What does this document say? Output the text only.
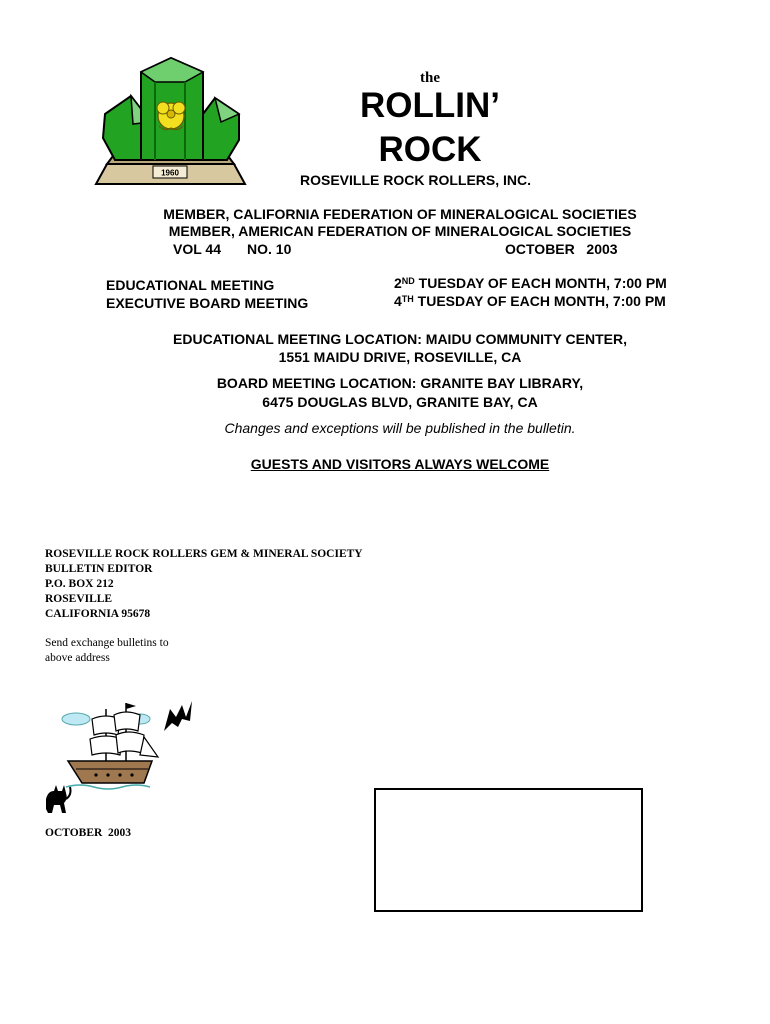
1960
the
ROLLIN’
ROCK
ROSEVILLE ROCK ROLLERS, INC.
MEMBER, CALIFORNIA FEDERATION OF MINERALOGICAL SOCIETIES
MEMBER, AMERICAN FEDERATION OF MINERALOGICAL SOCIETIES
VOL 44 NO. 10	OCTOBER   2003
EDUCATIONAL MEETING	2ND TUESDAY OF EACH MONTH, 7:00 PM
EXECUTIVE BOARD MEETING	4TH TUESDAY OF EACH MONTH, 7:00 PM
EDUCATIONAL MEETING LOCATION: MAIDU COMMUNITY CENTER,
1551 MAIDU DRIVE, ROSEVILLE, CA
BOARD MEETING LOCATION: GRANITE BAY LIBRARY,
6475 DOUGLAS BLVD, GRANITE BAY, CA
Changes and exceptions will be published in the bulletin.
GUESTS AND VISITORS ALWAYS WELCOME
ROSEVILLE ROCK ROLLERS GEM & MINERAL SOCIETY
BULLETIN EDITOR
P.O. BOX 212
ROSEVILLE
CALIFORNIA 95678
Send exchange bulletins to
above address
OCTOBER  2003
